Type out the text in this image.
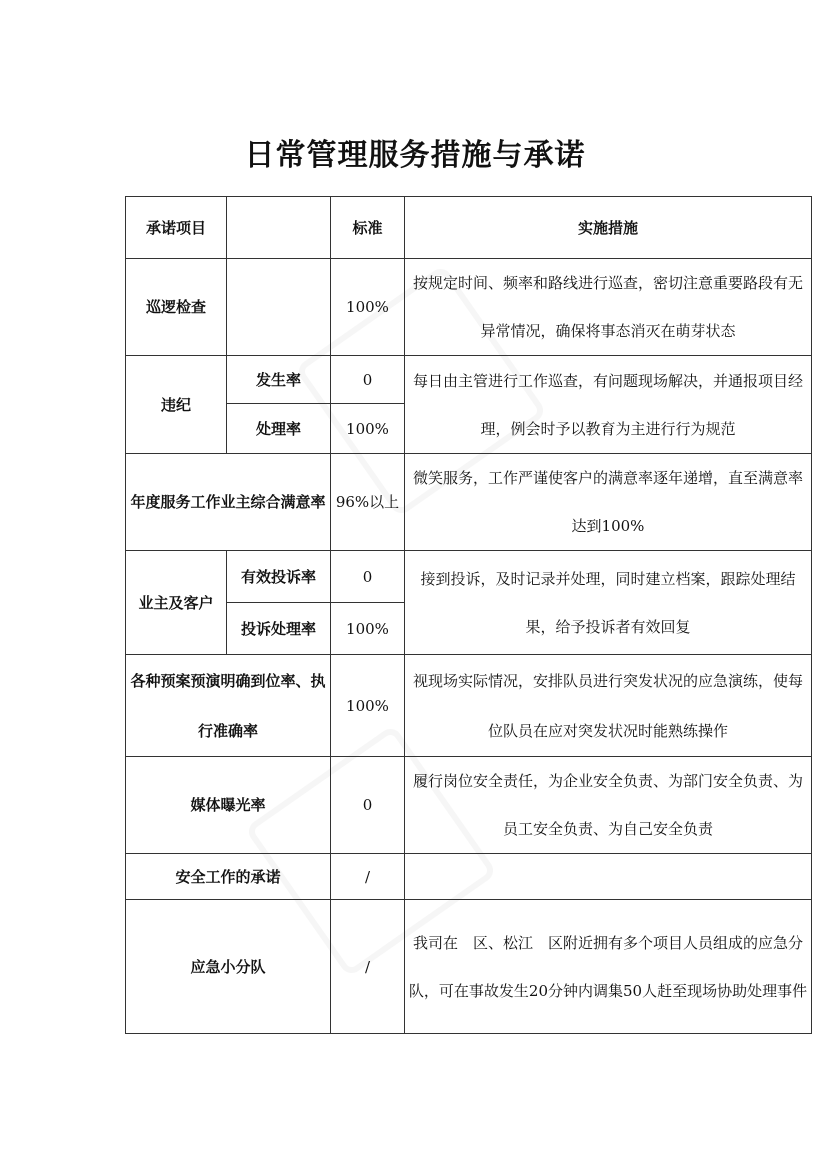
日常管理服务措施与承诺
承诺项目		标准	实施措施
巡逻检查		100%	按规定时间、频率和路线进行巡查，密切注意重要路段有无异常情况，确保将事态消灭在萌芽状态
违纪	发生率	0	每日由主管进行工作巡查，有问题现场解决，并通报项目经理，例会时予以教育为主进行行为规范
	处理率	100%	
年度服务工作业主综合满意率		96%以上	微笑服务，工作严谨使客户的满意率逐年递增，直至满意率达到100%
业主及客户	有效投诉率	0	接到投诉，及时记录并处理，同时建立档案，跟踪处理结果，给予投诉者有效回复
	投诉处理率	100%	
各种预案预演明确到位率、执行准确率		100%	视现场实际情况，安排队员进行突发状况的应急演练，使每位队员在应对突发状况时能熟练操作
媒体曝光率		0	履行岗位安全责任，为企业安全负责、为部门安全负责、为员工安全负责、为自己安全负责
安全工作的承诺		/	
应急小分队		/	我司在　区、松江　区附近拥有多个项目人员组成的应急分队，可在事故发生20分钟内调集50人赶至现场协助处理事件
